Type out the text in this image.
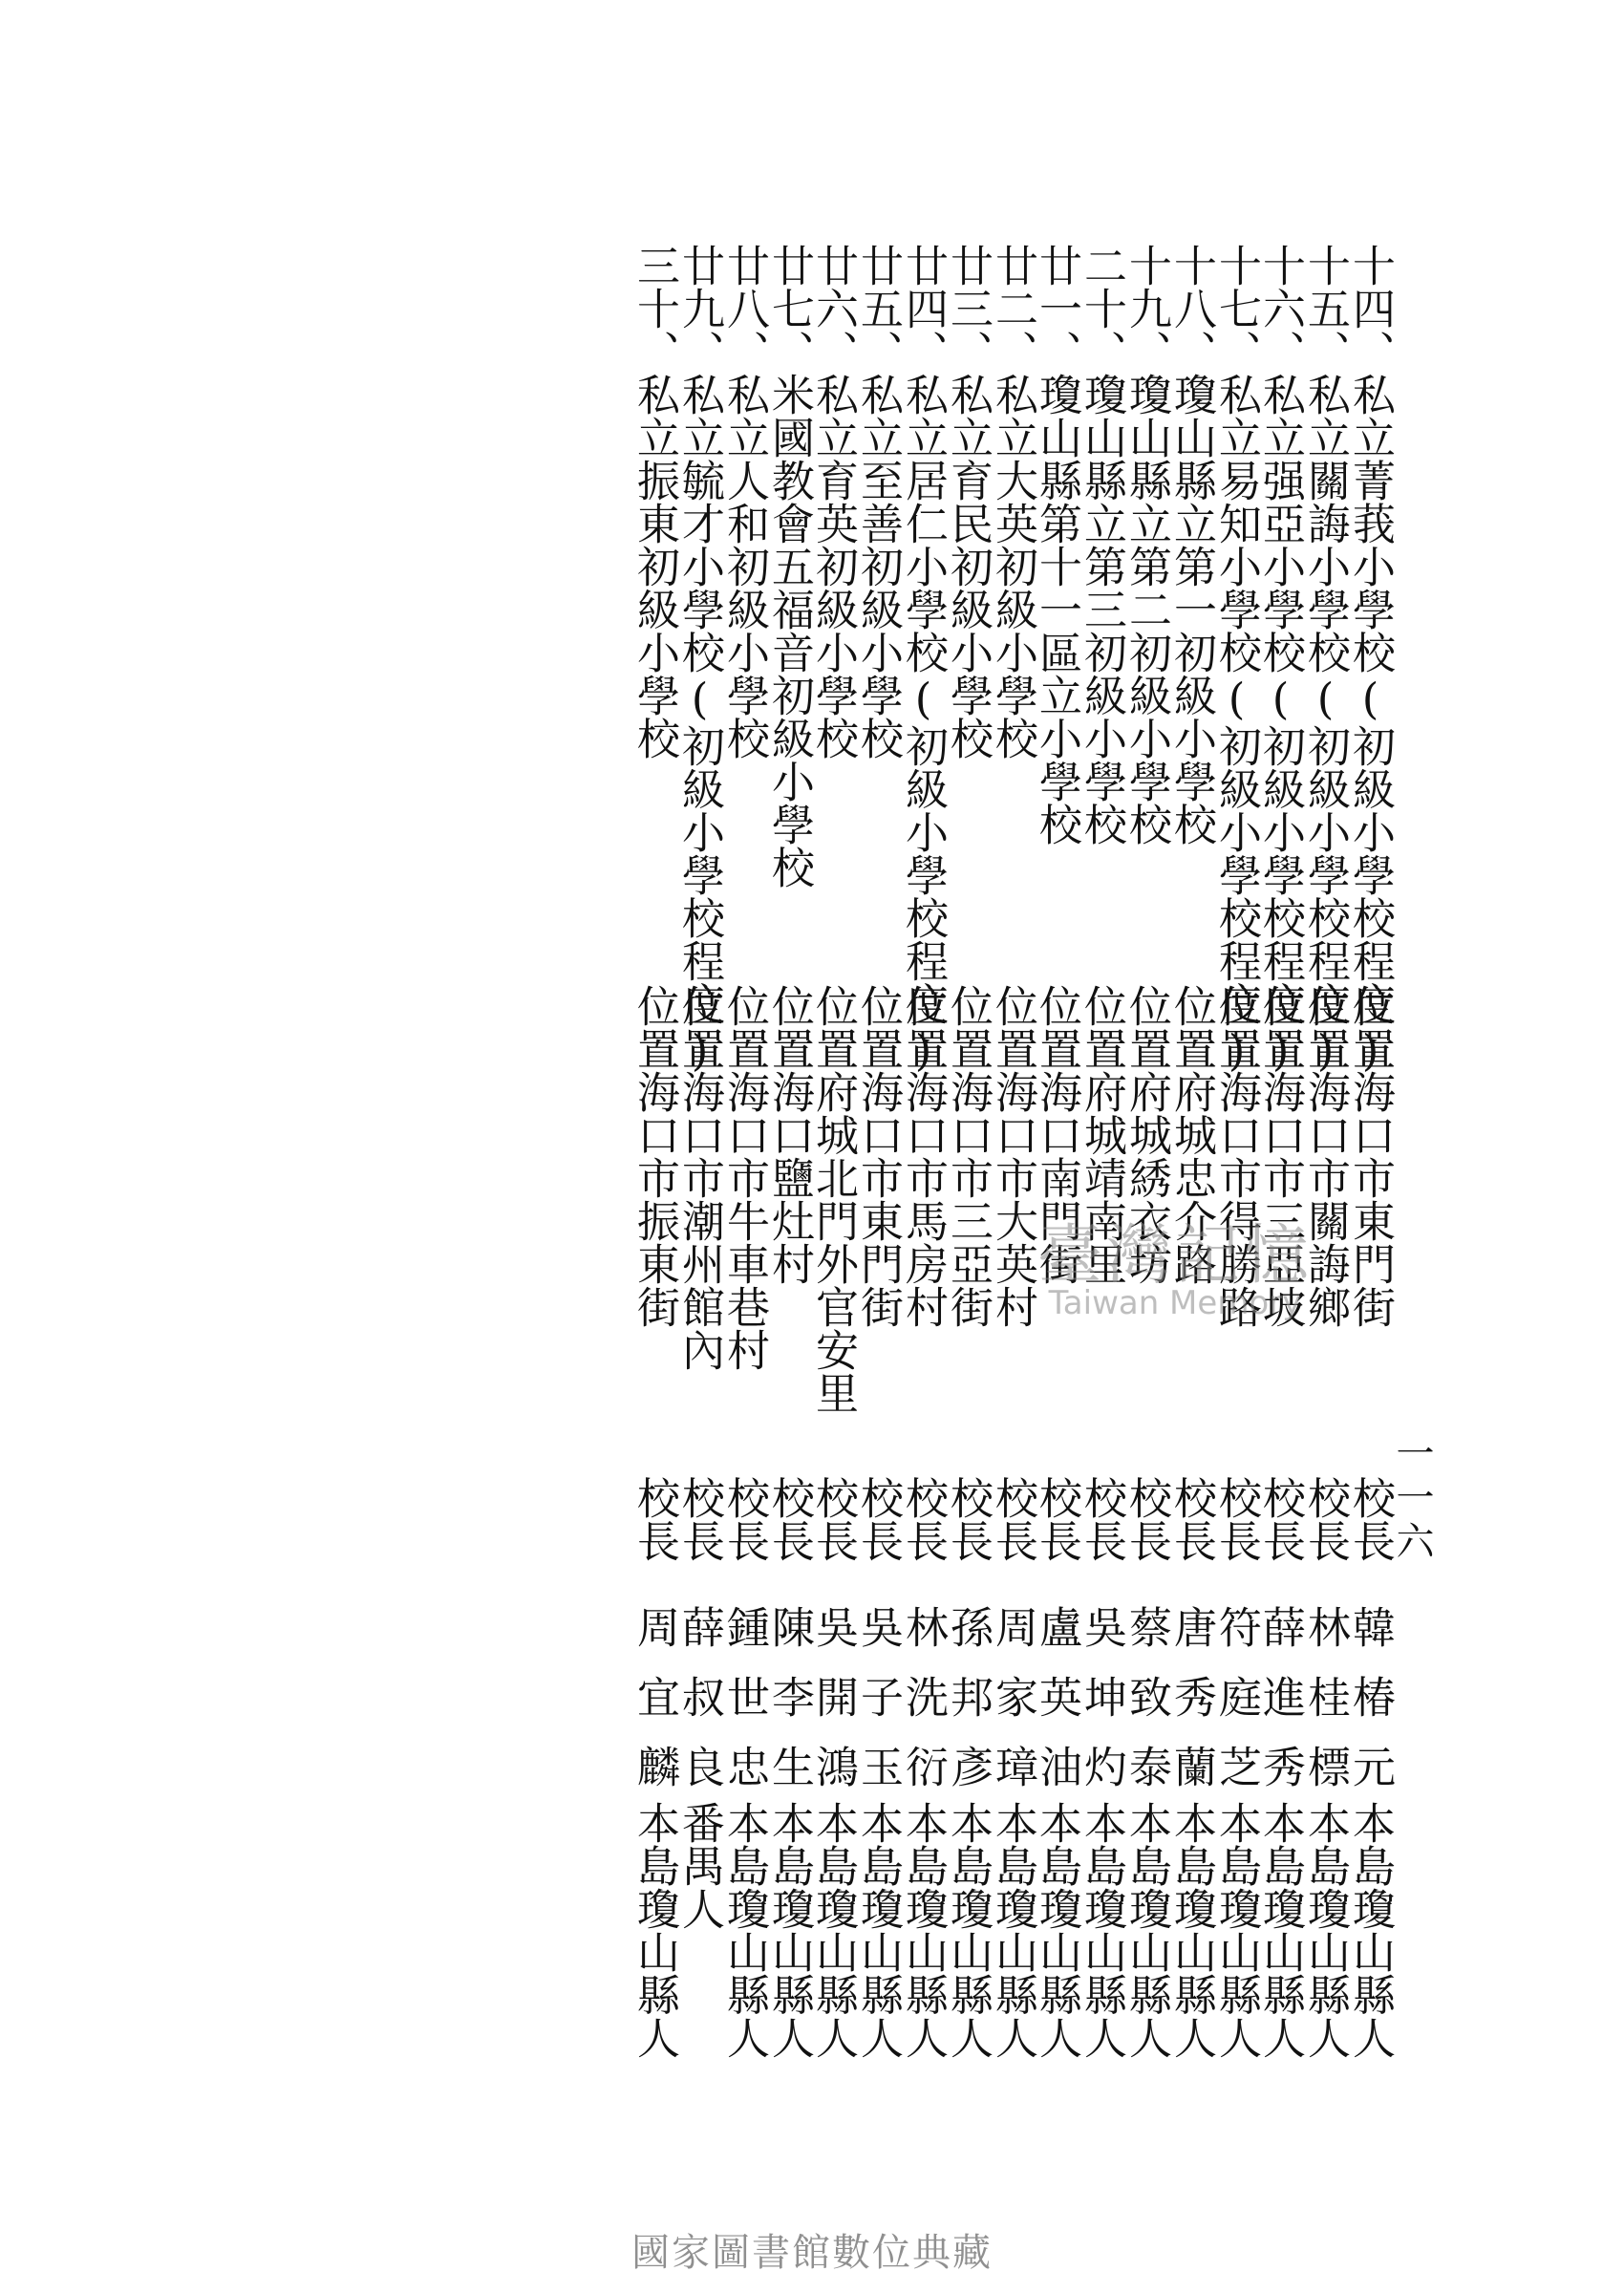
一一六
十四、私立菁莪小學校(初級小學校程度)
位置海口市東門街
校長
韓椿元
本島瓊山縣人
十五、私立關誨小學校(初級小學校程度)
位置海口市關誨鄉
校長
林桂標
本島瓊山縣人
十六、私立强亞小學校(初級小學校程度)
位置海口市三亞坡
校長
薛進秀
本島瓊山縣人
十七、私立易知小學校(初級小學校程度)
位置海口市得勝路
校長
符庭芝
本島瓊山縣人
十八、瓊山縣立第一初級小學校
位置府城忠介路
校長
唐秀蘭
本島瓊山縣人
十九、瓊山縣立第二初級小學校
位置府城綉衣坊
校長
蔡致泰
本島瓊山縣人
二十、瓊山縣立第三初級小學校
位置府城靖南里
校長
吳坤灼
本島瓊山縣人
廿一、瓊山縣第十一區立小學校
位置海口南門街
校長
盧英油
本島瓊山縣人
廿二、私立大英初級小學校
位置海口市大英村
校長
周家璋
本島瓊山縣人
廿三、私立育民初級小學校
位置海口市三亞街
校長
孫邦彥
本島瓊山縣人
廿四、私立居仁小學校(初級小學校程度)
位置海口市馬房村
校長
林洗衍
本島瓊山縣人
廿五、私立至善初級小學校
位置海口市東門街
校長
吳子玉
本島瓊山縣人
廿六、私立育英初級小學校
位置府城北門外官安里
校長
吳開鴻
本島瓊山縣人
廿七、米國教會五福音初級小學校
位置海口鹽灶村
校長
陳李生
本島瓊山縣人
廿八、私立人和初級小學校
位置海口市牛車巷村
校長
鍾世忠
本島瓊山縣人
廿九、私立毓才小學校(初級小學校程度)
位置海口市潮州館內
校長
薛叔良
番禺人
三十、私立振東初級小學校
位置海口市振東街
校長
周宜麟
本島瓊山縣人
臺灣記憶
Taiwan Memory
國家圖書館數位典藏
